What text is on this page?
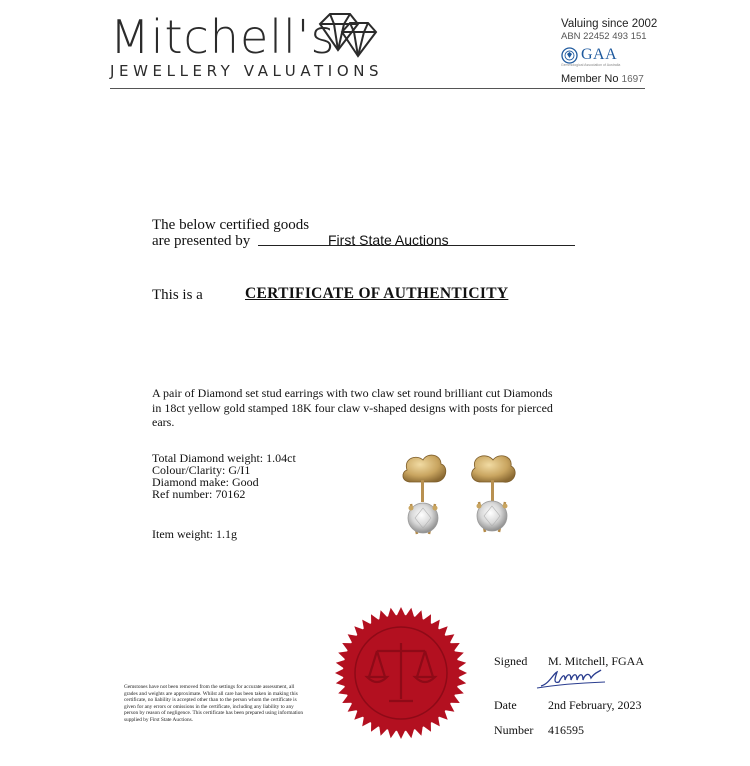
Mitchell's
JEWELLERY VALUATIONS
Valuing since 2002
ABN 22452 493 151
GAA
Gemmological Association of Australia
Member No 1697
The below certified goods
are presented by	First State Auctions
This is a	CERTIFICATE OF AUTHENTICITY
A pair of Diamond set stud earrings with two claw set round brilliant cut Diamonds in 18ct yellow gold stamped 18K four claw v-shaped designs with posts for pierced ears.
Total Diamond weight: 1.04ct
Colour/Clarity: G/I1
Diamond make: Good
Ref number: 70162
Item weight: 1.1g
Gemstones have not been removed from the settings for accurate assessment, all grades and weights are approximate. Whilst all care has been taken in making this certificate, no liability is accepted other than to the person whom the certificate is given for any errors or omissions in the certificate, including any liability to any person by reason of negligence. This certificate has been prepared using information supplied by First State Auctions.
Signed M. Mitchell, FGAA
Date	2nd February, 2023
Number 416595
